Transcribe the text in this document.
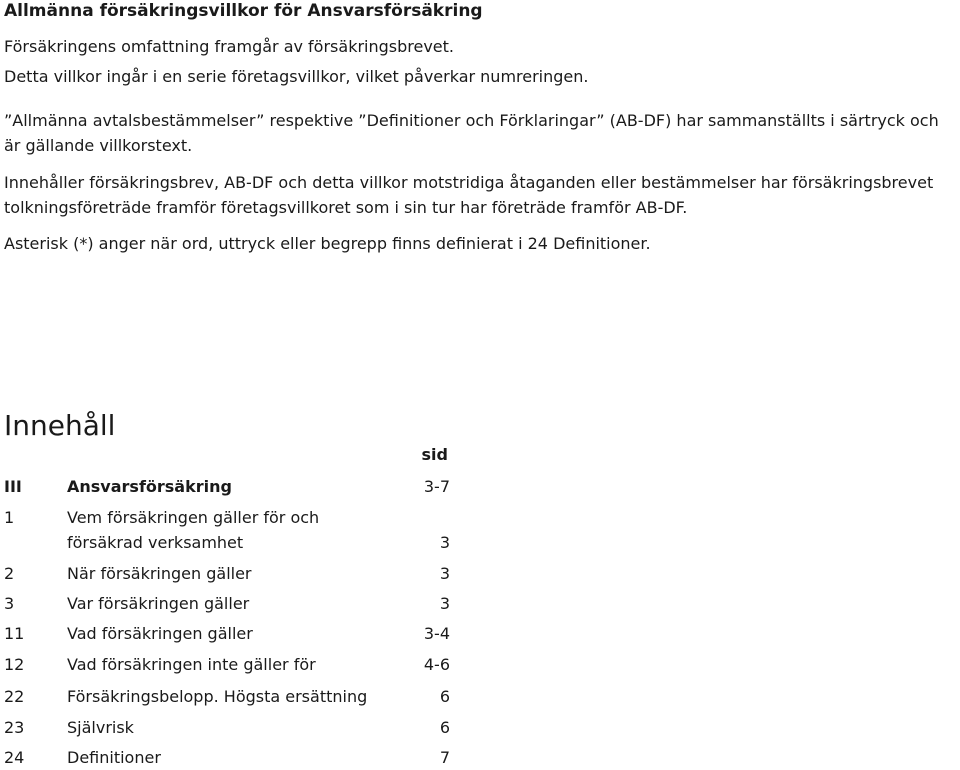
Allmänna försäkringsvillkor för Ansvarsförsäkring
Försäkringens omfattning framgår av försäkringsbrevet.
Detta villkor ingår i en serie företagsvillkor, vilket påverkar numreringen.
”Allmänna avtalsbestämmelser” respektive ”Definitioner och Förklaringar” (AB-DF) har sammanställts i särtryck och är gällande villkorstext.
Innehåller försäkringsbrev, AB-DF och detta villkor motstridiga åtaganden eller bestämmelser har försäkringsbrevet tolkningsföreträde framför företagsvillkoret som i sin tur har företräde framför AB-DF.
Asterisk (*) anger när ord, uttryck eller begrepp finns definierat i 24 Definitioner.
Innehåll
sid
III	Ansvarsförsäkring	3-7
1	Vem försäkringen gäller för och försäkrad verksamhet	3
2	När försäkringen gäller	3
3	Var försäkringen gäller	3
11	Vad försäkringen gäller	3-4
12	Vad försäkringen inte gäller för	4-6
22	Försäkringsbelopp. Högsta ersättning	6
23	Självrisk	6
24	Definitioner	7
